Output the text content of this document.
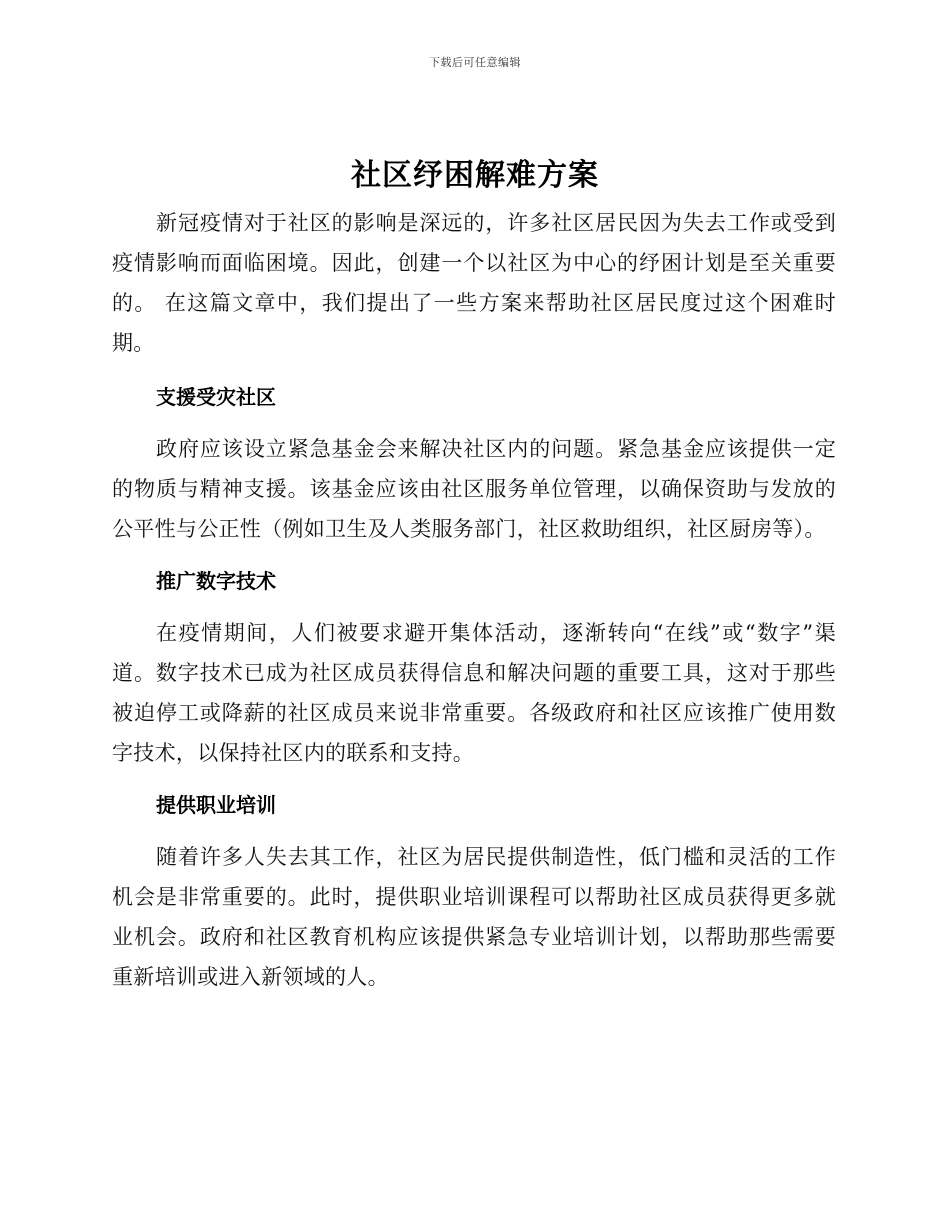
下载后可任意编辑
社区纾困解难方案

新冠疫情对于社区的影响是深远的，许多社区居民因为失去工作或受到疫情影响而面临困境。因此，创建一个以社区为中心的纾困计划是至关重要的。 在这篇文章中，我们提出了一些方案来帮助社区居民度过这个困难时期。

支援受灾社区

政府应该设立紧急基金会来解决社区内的问题。紧急基金应该提供一定的物质与精神支援。该基金应该由社区服务单位管理，以确保资助与发放的公平性与公正性（例如卫生及人类服务部门，社区救助组织，社区厨房等）。

推广数字技术

在疫情期间，人们被要求避开集体活动，逐渐转向“在线”或“数字”渠道。数字技术已成为社区成员获得信息和解决问题的重要工具，这对于那些被迫停工或降薪的社区成员来说非常重要。各级政府和社区应该推广使用数字技术，以保持社区内的联系和支持。

提供职业培训

随着许多人失去其工作，社区为居民提供制造性，低门槛和灵活的工作机会是非常重要的。此时，提供职业培训课程可以帮助社区成员获得更多就业机会。政府和社区教育机构应该提供紧急专业培训计划，以帮助那些需要重新培训或进入新领域的人。
